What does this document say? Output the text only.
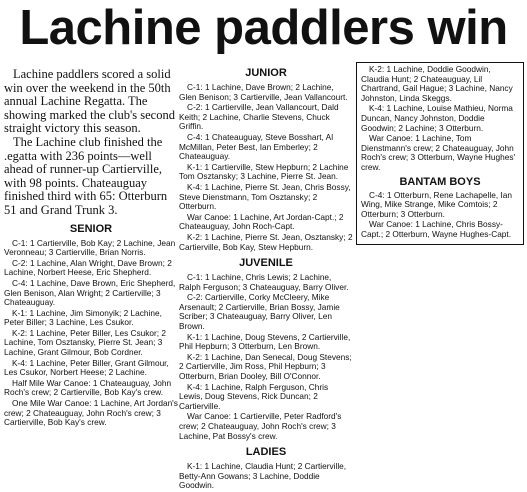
Lachine paddlers win

Lachine paddlers scored a solid win over the weekend in the 50th annual Lachine Regatta. The showing marked the club's second straight victory this season.

The Lachine club finished the .egatta with 236 points—well ahead of runner-up Cartierville, with 98 points. Chateauguay finished third with 65: Otterburn 51 and Grand Trunk 3.

SENIOR
C-1: 1 Cartierville, Bob Kay; 2 Lachine, Jean Veronneau; 3 Cartierville, Brian Norris.
C-2: 1 Lachine, Alan Wright, Dave Brown; 2 Lachine, Norbert Heese, Eric Shepherd.
C-4: 1 Lachine, Dave Brown, Eric Shepherd, Glen Benison, Alan Wright; 2 Cartierville; 3 Chateauguay.
K-1: 1 Lachine, Jim Simonyik; 2 Lachine, Peter Biller; 3 Lachine, Les Csukor.
K-2: 1 Lachine, Peter Biller, Les Csukor; 2 Lachine, Tom Osztansky, Pierre St. Jean; 3 Lachine, Grant Gilmour, Bob Cordner.
K-4: 1 Lachine, Peter Biller, Grant Gilmour, Les Csukor, Norbert Heese; 2 Lachine.
Half Mile War Canoe: 1 Chateauguay, John Roch's crew; 2 Cartierville, Bob Kay's crew.
One Mile War Canoe: 1 Lachine, Art Jordan's crew; 2 Chateauguay, John Roch's crew; 3 Cartierville, Bob Kay's crew.
JUNIOR
C-1: 1 Lachine, Dave Brown; 2 Lachine, Glen Benison; 3 Cartierville, Jean Vallancourt.
C-2: 1 Cartierville, Jean Vallancourt, Dald Keith; 2 Lachine, Charlie Stevens, Chuck Griffin.
C-4: 1 Chateauguay, Steve Bosshart, Al McMillan, Peter Best, Ian Emberley; 2 Chateauguay.
K-1: 1 Cartierville, Stew Hepburn; 2 Lachine Tom Osztansky; 3 Lachine, Pierre St. Jean.
K-4: 1 Lachine, Pierre St. Jean, Chris Bossy, Steve Dienstmann, Tom Osztansky; 2 Otterburn.
War Canoe: 1 Lachine, Art Jordan-Capt.; 2 Chateauguay, John Roch-Capt.
K-2: 1 Lachine, Pierre St. Jean, Osztansky; 2 Cartierville, Bob Kay, Stew Hepburn.
JUVENILE
C-1: 1 Lachine, Chris Lewis; 2 Lachine, Ralph Ferguson; 3 Chateauguay, Barry Oliver.
C-2: Cartierville, Corky McCleery, Mike Arsenault; 2 Cartierville, Brian Bossy, Jamie Scriber; 3 Chateauguay, Barry Oliver, Len Brown.
K-1: 1 Lachine, Doug Stevens, 2 Cartierville, Phil Hepburn; 3 Otterburn, Len Brown.
K-2: 1 Lachine, Dan Senecal, Doug Stevens; 2 Cartierville, Jim Ross, Phil Hepburn; 3 Otterburn, Brian Dooley, Bill O'Connor.
K-4: 1 Lachine, Ralph Ferguson, Chris Lewis, Doug Stevens, Rick Duncan; 2 Cartierville.
War Canoe: 1 Cartierville, Peter Radford's crew; 2 Chateauguay, John Roch's crew; 3 Lachine, Pat Bossy's crew.
LADIES
K-1: 1 Lachine, Claudia Hunt; 2 Cartierville, Betty-Ann Gowans; 3 Lachine, Doddie Goodwin.
K-2: 1 Lachine, Doddie Goodwin, Claudia Hunt; 2 Chateauguay, Lil Chartrand, Gail Hague; 3 Lachine, Nancy Johnston, Linda Skeggs.
K-4: 1 Lachine, Louise Mathieu, Norma Duncan, Nancy Johnston, Doddie Goodwin; 2 Lachine; 3 Otterburn.
War Canoe: 1 Lachine, Tom Dienstmann's crew; 2 Chateauguay, John Roch's crew; 3 Otterburn, Wayne Hughes' crew.
BANTAM BOYS
C-4: 1 Otterburn, Rene Lachapelle, Ian Wing, Mike Strange, Mike Comtois; 2 Otterburn; 3 Otterburn.
War Canoe: 1 Lachine, Chris Bossy-Capt.; 2 Otterburn, Wayne Hughes-Capt.
